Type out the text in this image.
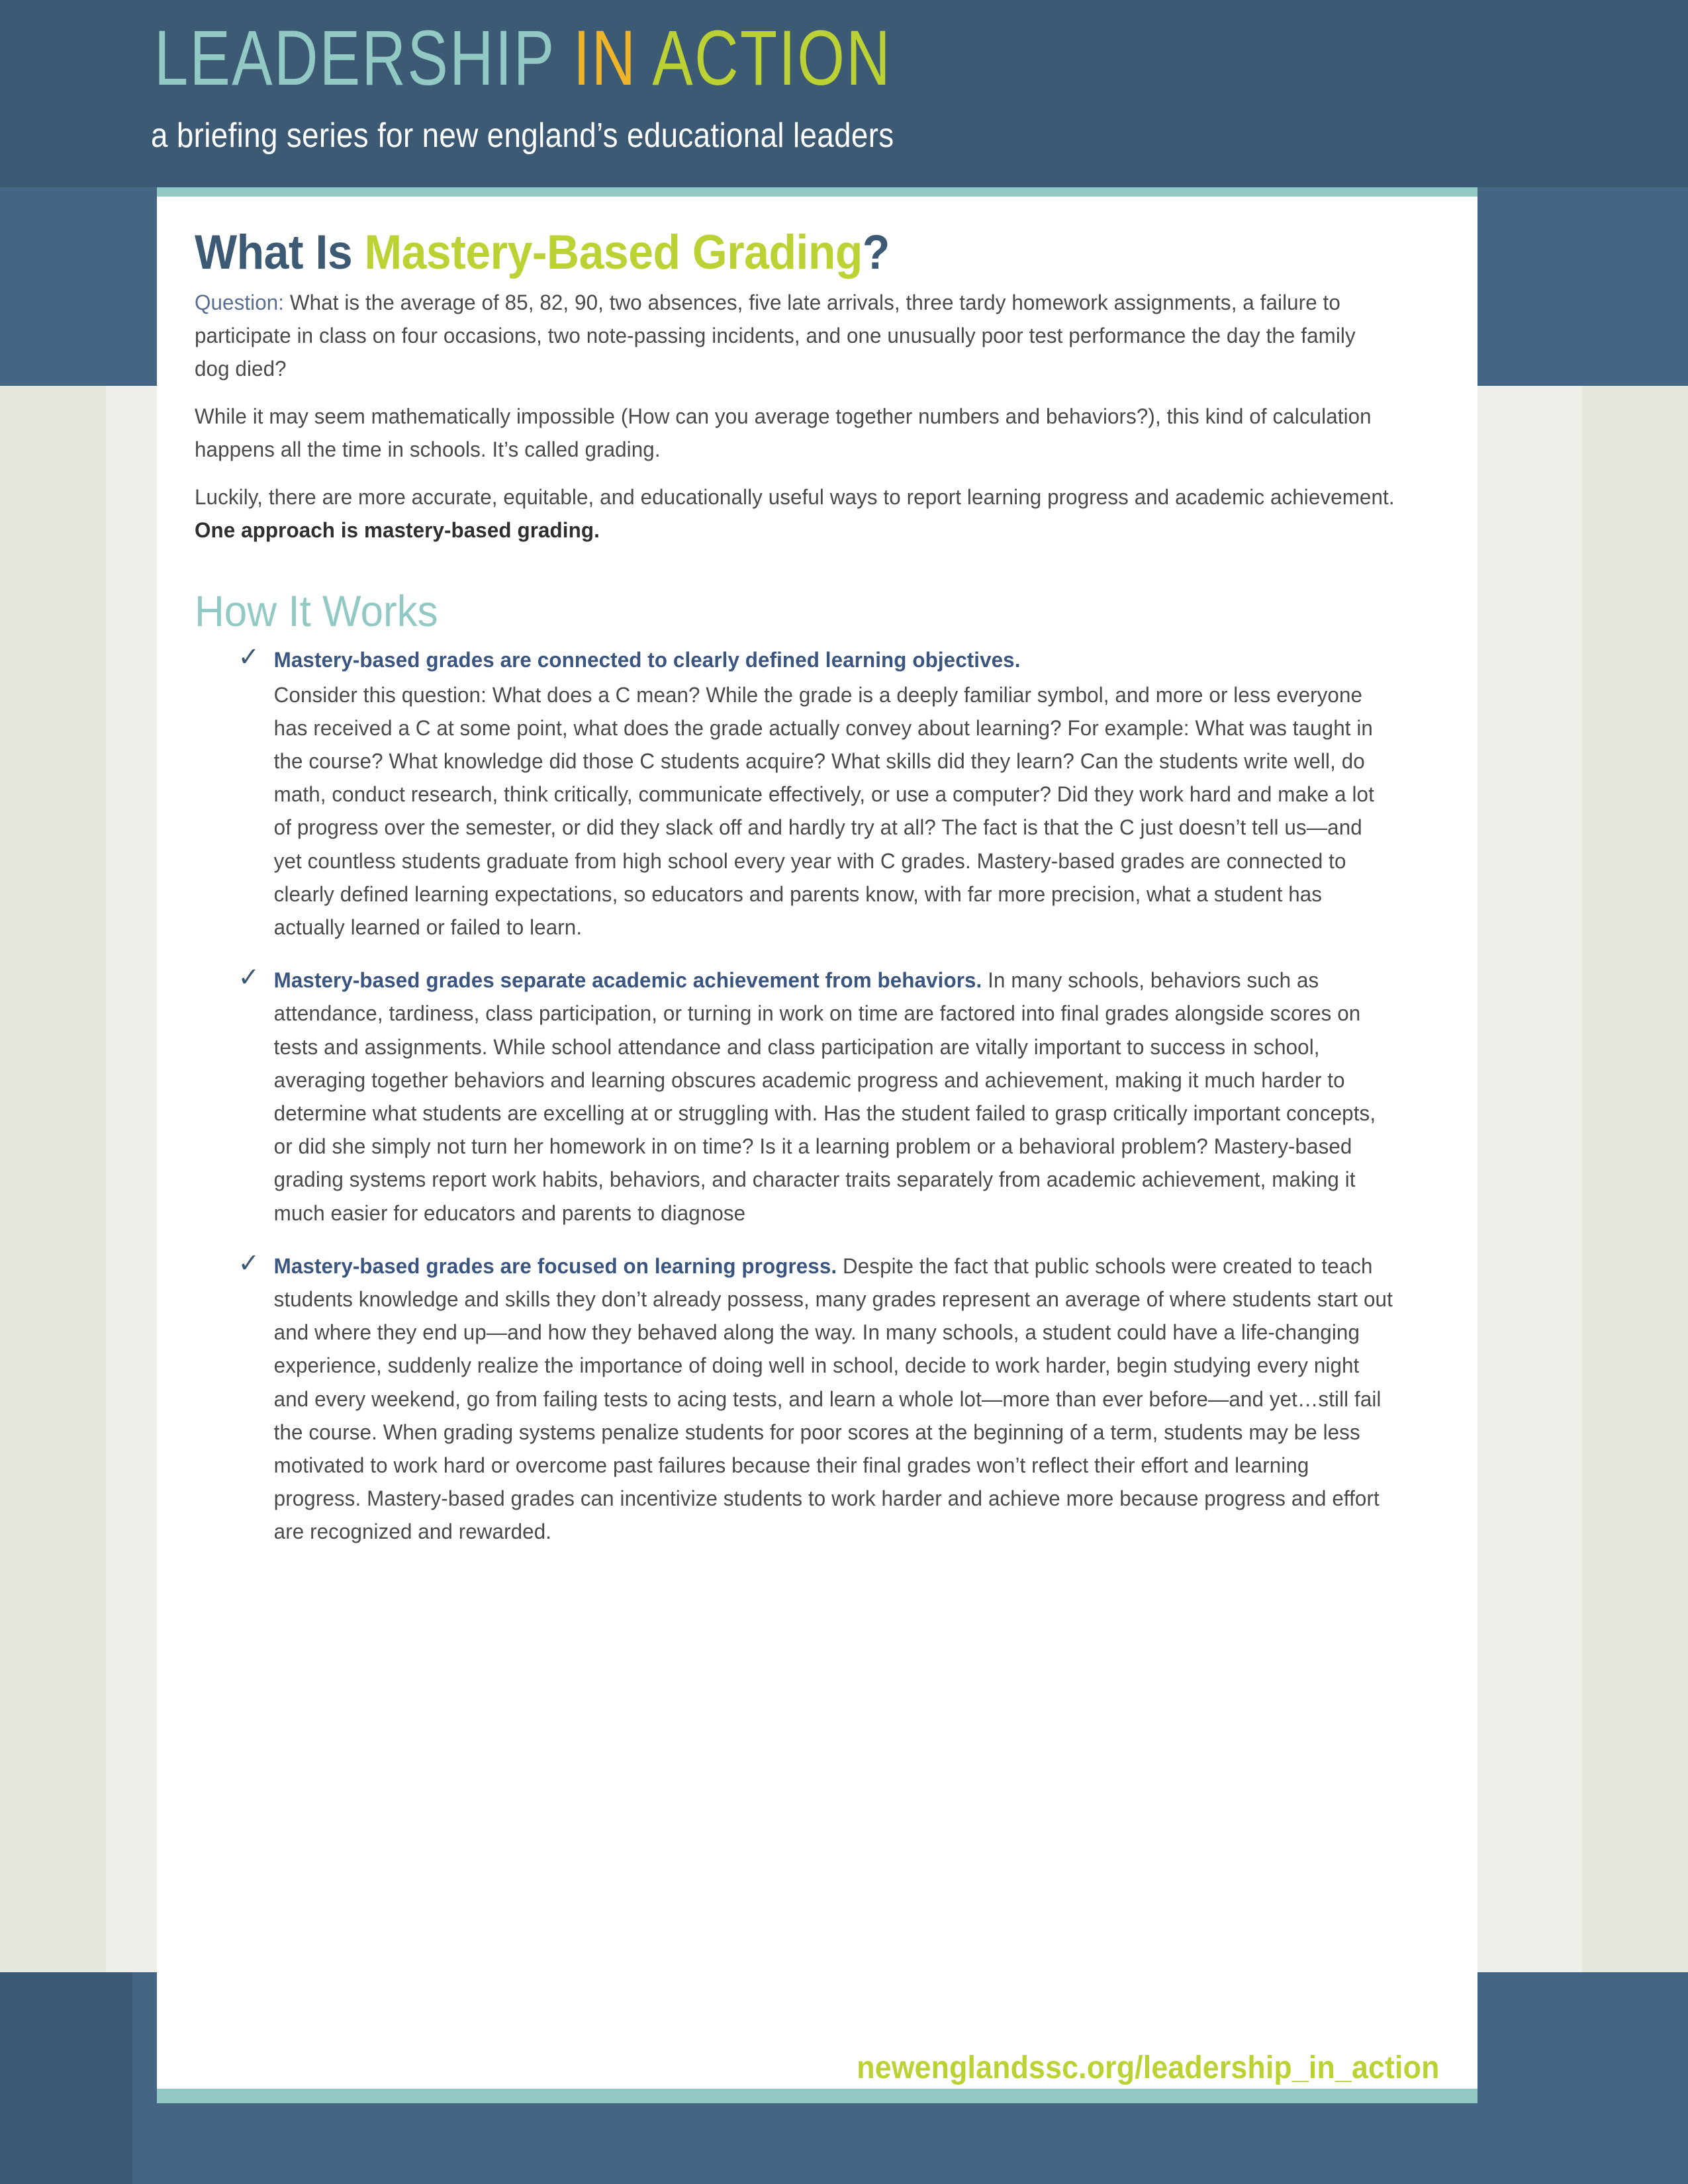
LEADERSHIP IN ACTION
a briefing series for new england’s educational leaders
What Is Mastery-Based Grading?

Question: What is the average of 85, 82, 90, two absences, five late arrivals, three tardy homework assignments, a failure to participate in class on four occasions, two note-passing incidents, and one unusually poor test performance the day the family dog died?

While it may seem mathematically impossible (How can you average together numbers and behaviors?), this kind of calculation happens all the time in schools. It’s called grading.

Luckily, there are more accurate, equitable, and educationally useful ways to report learning progress and academic achievement. One approach is mastery-based grading.

How It Works
✓ Mastery-based grades are connected to clearly defined learning objectives.
Consider this question: What does a C mean? While the grade is a deeply familiar symbol, and more or less everyone has received a C at some point, what does the grade actually convey about learning? For example: What was taught in the course? What knowledge did those C students acquire? What skills did they learn? Can the students write well, do math, conduct research, think critically, communicate effectively, or use a computer? Did they work hard and make a lot of progress over the semester, or did they slack off and hardly try at all? The fact is that the C just doesn’t tell us—and yet countless students graduate from high school every year with C grades. Mastery-based grades are connected to clearly defined learning expectations, so educators and parents know, with far more precision, what a student has actually learned or failed to learn.
✓ Mastery-based grades separate academic achievement from behaviors. In many schools, behaviors such as attendance, tardiness, class participation, or turning in work on time are factored into final grades alongside scores on tests and assignments. While school attendance and class participation are vitally important to success in school, averaging together behaviors and learning obscures academic progress and achievement, making it much harder to determine what students are excelling at or struggling with. Has the student failed to grasp critically important concepts, or did she simply not turn her homework in on time? Is it a learning problem or a behavioral problem? Mastery-based grading systems report work habits, behaviors, and character traits separately from academic achievement, making it much easier for educators and parents to diagnose
✓ Mastery-based grades are focused on learning progress. Despite the fact that public schools were created to teach students knowledge and skills they don’t already possess, many grades represent an average of where students start out and where they end up—and how they behaved along the way. In many schools, a student could have a life-changing experience, suddenly realize the importance of doing well in school, decide to work harder, begin studying every night and every weekend, go from failing tests to acing tests, and learn a whole lot—more than ever before—and yet…still fail the course. When grading systems penalize students for poor scores at the beginning of a term, students may be less motivated to work hard or overcome past failures because their final grades won’t reflect their effort and learning progress. Mastery-based grades can incentivize students to work harder and achieve more because progress and effort are recognized and rewarded.
newenglandssc.org/leadership_in_action
